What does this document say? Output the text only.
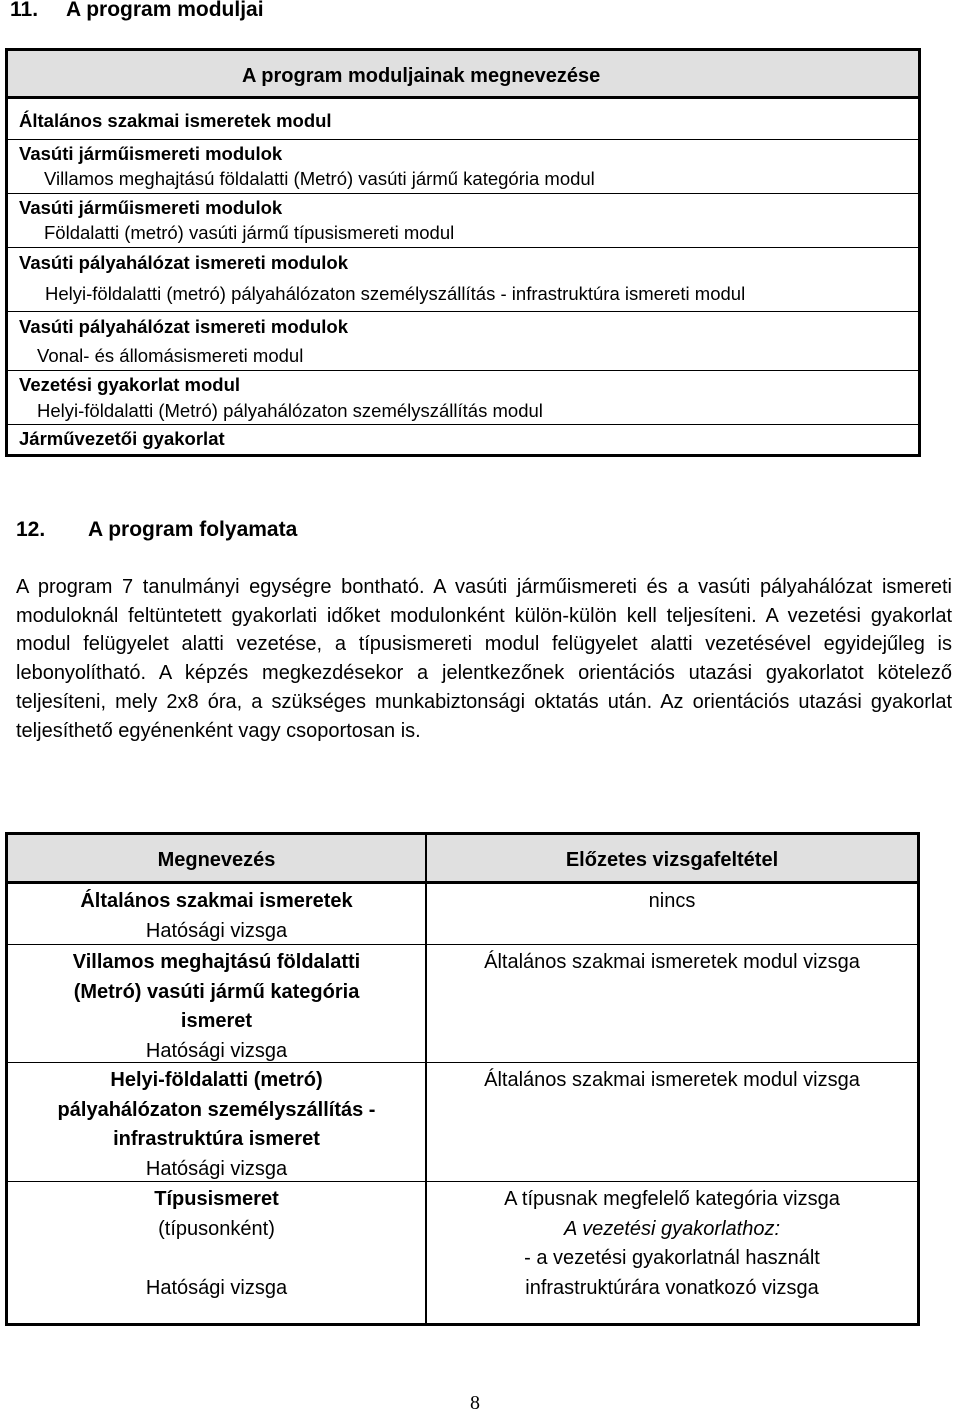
11. A program moduljai
A program moduljainak megnevezése
Általános szakmai ismeretek modul
Vasúti járműismereti modulok
Villamos meghajtású földalatti (Metró) vasúti jármű kategória modul
Vasúti járműismereti modulok
Földalatti (metró) vasúti jármű típusismereti modul
Vasúti pályahálózat ismereti modulok
Helyi-földalatti (metró) pályahálózaton személyszállítás - infrastruktúra ismereti modul
Vasúti pályahálózat ismereti modulok
Vonal- és állomásismereti modul
Vezetési gyakorlat modul
Helyi-földalatti (Metró) pályahálózaton személyszállítás modul
Járművezetői gyakorlat
12. A program folyamata

A program 7 tanulmányi egységre bontható. A vasúti járműismereti és a vasúti pályahálózat ismereti moduloknál feltüntetett gyakorlati időket modulonként külön-külön kell teljesíteni. A vezetési gyakorlat modul felügyelet alatti vezetése, a típusismereti modul felügyelet alatti vezetésével egyidejűleg is lebonyolítható. A képzés megkezdésekor a jelentkezőnek orientációs utazási gyakorlatot kötelező teljesíteni, mely 2x8 óra, a szükséges munkabiztonsági oktatás után. Az orientációs utazási gyakorlat teljesíthető egyénenként vagy csoportosan is.

Megnevezés	Előzetes vizsgafeltétel
Általános szakmai ismeretek
Hatósági vizsga
nincs
Villamos meghajtású földalatti
(Metró) vasúti jármű kategória
ismeret
Hatósági vizsga
Általános szakmai ismeretek modul vizsga
Helyi-földalatti (metró)
pályahálózaton személyszállítás -
infrastruktúra ismeret
Hatósági vizsga
Általános szakmai ismeretek modul vizsga
Típusismeret
(típusonként)
Hatósági vizsga
A típusnak megfelelő kategória vizsga
A vezetési gyakorlathoz:
- a vezetési gyakorlatnál használt
infrastruktúrára vonatkozó vizsga
8
